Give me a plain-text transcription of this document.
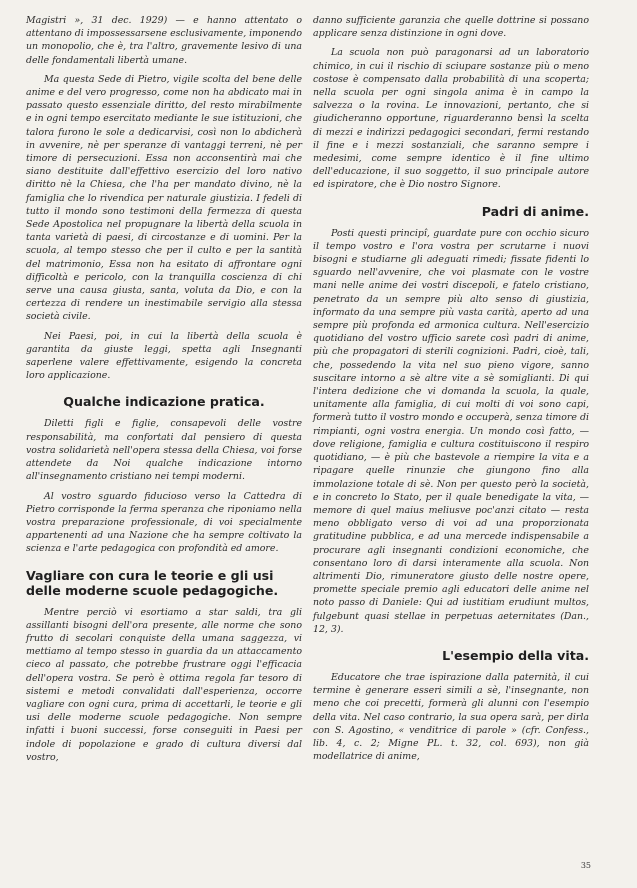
Magistri », 31 dec. 1929) — e hanno attentato o attentano di impossessarsene esclusivamente, imponendo un monopolio, che è, tra l'altro, gravemente lesivo di una delle fondamentali libertà umane.

Ma questa Sede di Pietro, vigile scolta del bene delle anime e del vero progresso, come non ha abdicato mai in passato questo essenziale diritto, del resto mirabilmente e in ogni tempo esercitato mediante le sue istituzioni, che talora furono le sole a dedicarvisi, così non lo abdicherà in avvenire, nè per speranze di vantaggi terreni, nè per timore di persecuzioni. Essa non acconsentirà mai che siano destituite dall'effettivo esercizio del loro nativo diritto nè la Chiesa, che l'ha per mandato divino, nè la famiglia che lo rivendica per naturale giustizia. I fedeli di tutto il mondo sono testimoni della fermezza di questa Sede Apostolica nel propugnare la libertà della scuola in tanta varietà di paesi, di circostanze e di uomini. Per la scuola, al tempo stesso che per il culto e per la santità del matrimonio, Essa non ha esitato di affrontare ogni difficoltà e pericolo, con la tranquilla coscienza di chi serve una causa giusta, santa, voluta da Dio, e con la certezza di rendere un inestimabile servigio alla stessa società civile.

Nei Paesi, poi, in cui la libertà della scuola è garantita da giuste leggi, spetta agli Insegnanti saperlene valere effettivamente, esigendo la concreta loro applicazione.

Qualche indicazione pratica.

Diletti figli e figlie, consapevoli delle vostre responsabilità, ma confortati dal pensiero di questa vostra solidarietà nell'opera stessa della Chiesa, voi forse attendete da Noi qualche indicazione intorno all'insegnamento cristiano nei tempi moderni.

Al vostro sguardo fiducioso verso la Cattedra di Pietro corrisponde la ferma speranza che riponiamo nella vostra preparazione professionale, di voi specialmente appartenenti ad una Nazione che ha sempre coltivato la scienza e l'arte pedagogica con profondità ed amore.

Vagliare con cura le teorie e gli usi delle moderne scuole pedagogiche.

Mentre perciò vi esortiamo a star saldi, tra gli assillanti bisogni dell'ora presente, alle norme che sono frutto di secolari conquiste della umana saggezza, vi mettiamo al tempo stesso in guardia da un attaccamento cieco al passato, che potrebbe frustrare oggi l'efficacia dell'opera vostra. Se però è ottima regola far tesoro di sistemi e metodi convalidati dall'esperienza, occorre vagliare con ogni cura, prima di accettarli, le teorie e gli usi delle moderne scuole pedagogiche. Non sempre infatti i buoni successi, forse conseguiti in Paesi per indole di popolazione e grado di cultura diversi dal vostro,

danno sufficiente garanzia che quelle dottrine si possano applicare senza distinzione in ogni dove.

La scuola non può paragonarsi ad un laboratorio chimico, in cui il rischio di sciupare sostanze più o meno costose è compensato dalla probabilità di una scoperta; nella scuola per ogni singola anima è in campo la salvezza o la rovina. Le innovazioni, pertanto, che si giudicheranno opportune, riguarderanno bensì la scelta di mezzi e indirizzi pedagogici secondari, fermi restando il fine e i mezzi sostanziali, che saranno sempre i medesimi, come sempre identico è il fine ultimo dell'educazione, il suo soggetto, il suo principale autore ed ispiratore, che è Dio nostro Signore.

Padri di anime.

Posti questi principî, guardate pure con occhio sicuro il tempo vostro e l'ora vostra per scrutarne i nuovi bisogni e studiarne gli adeguati rimedi; fissate fidenti lo sguardo nell'avvenire, che voi plasmate con le vostre mani nelle anime dei vostri discepoli, e fatelo cristiano, penetrato da un sempre più alto senso di giustizia, informato da una sempre più vasta carità, aperto ad una sempre più profonda ed armonica cultura. Nell'esercizio quotidiano del vostro ufficio sarete così padri di anime, più che propagatori di sterili cognizioni. Padri, cioè, tali, che, possedendo la vita nel suo pieno vigore, sanno suscitare intorno a sè altre vite a sè somiglianti. Di qui l'intera dedizione che vi domanda la scuola, la quale, unitamente alla famiglia, di cui molti di voi sono capi, formerà tutto il vostro mondo e occuperà, senza timore di rimpianti, ogni vostra energia. Un mondo così fatto, — dove religione, famiglia e cultura costituiscono il respiro quotidiano, — è più che bastevole a riempire la vita e a ripagare quelle rinunzie che giungono fino alla immolazione totale di sè. Non per questo però la società, e in concreto lo Stato, per il quale benedigate la vita, — memore di quel maius meliusve poc'anzi citato — resta meno obbligato verso di voi ad una proporzionata gratitudine pubblica, e ad una mercede indispensabile a procurare agli insegnanti condizioni economiche, che consentano loro di darsi interamente alla scuola. Non altrimenti Dio, rimuneratore giusto delle nostre opere, promette speciale premio agli educatori delle anime nel noto passo di Daniele: Qui ad iustitiam erudiunt multos, fulgebunt quasi stellae in perpetuas aeternitates (Dan., 12, 3).

L'esempio della vita.

Educatore che trae ispirazione dalla paternità, il cui termine è generare esseri simili a sè, l'insegnante, non meno che coi precetti, formerà gli alunni con l'esempio della vita. Nel caso contrario, la sua opera sarà, per dirla con S. Agostino, « venditrice di parole » (cfr. Confess., lib. 4, c. 2; Migne PL. t. 32, col. 693), non già modellatrice di anime,

35
